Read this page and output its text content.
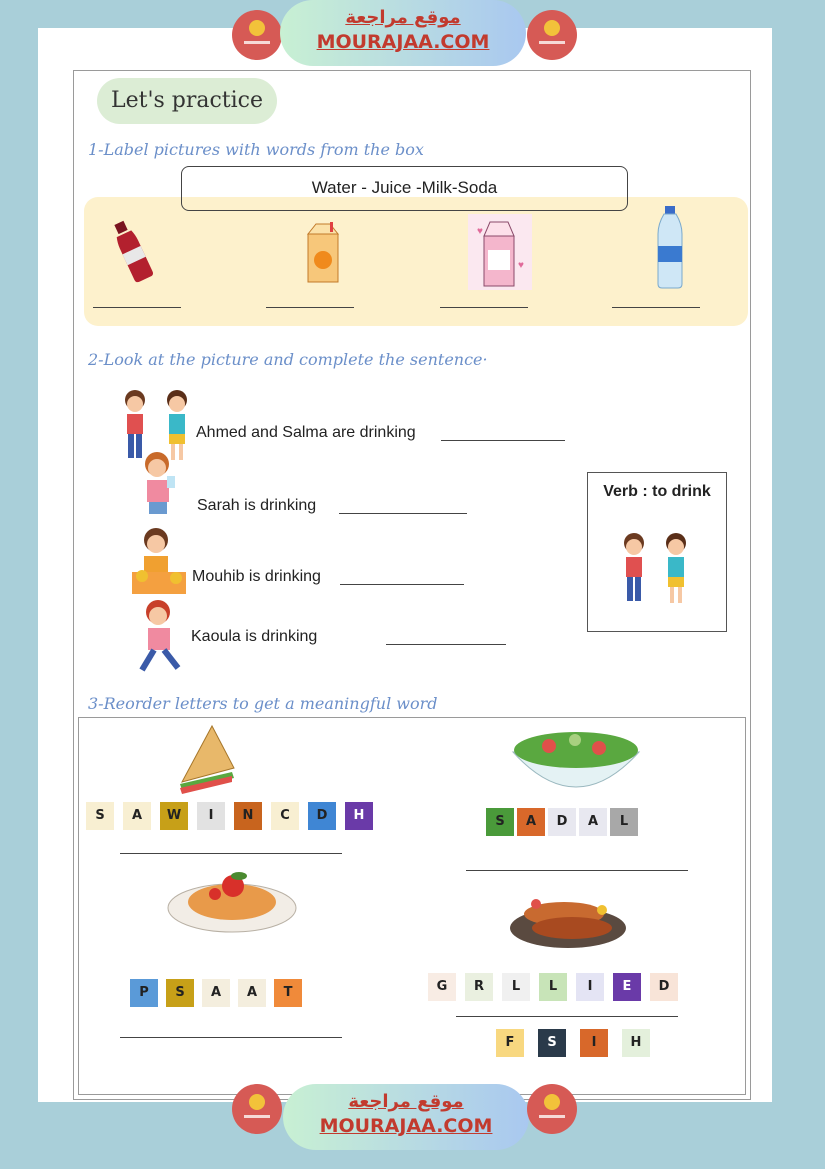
موقع مراجعة
MOURAJAA.COM
Let's practice
1-Label pictures with words from the box
Water - Juice -Milk-Soda
♥
♥
2-Look at the picture and complete the sentence·
Ahmed and Salma are drinking
Sarah is drinking
Mouhib is drinking
Kaoula is drinking
Verb : to drink
3-Reorder letters to get a meaningful word
S	A	W	I	N	C	D	H	S	A	D	A	L
P	S	A	A	T	G	R	L	L	I	E	D
F	S	I	H
موقع مراجعة
MOURAJAA.COM
